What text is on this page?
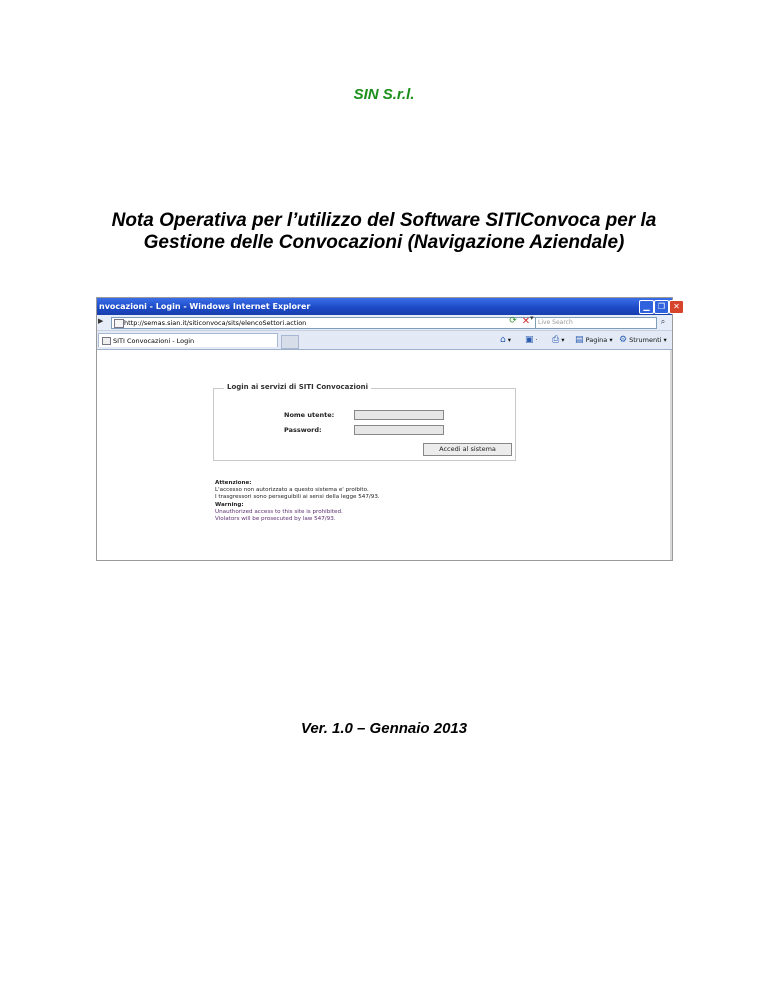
SIN S.r.l.
Nota Operativa per l’utilizzo del Software SITIConvoca per la
Gestione delle Convocazioni (Navigazione Aziendale)
nvocazioni - Login - Windows Internet Explorer	▁	❐	✕
▶	http://semas.sian.it/siticonvoca/sits/elencoSettori.action
▾
⟳ ✕	Live Search	⌕
SITI Convocazioni - Login	⌂ ▾ ▣ · ⎙ ▾ ▤ Pagina ▾ ⚙ Strumenti ▾
Login ai servizi di SITI Convocazioni
Nome utente:
Password:
Accedi al sistema
Attenzione:
L'accesso non autorizzato a questo sistema e' proibito.
I trasgressori sono perseguibili ai sensi della legge 547/93.
Warning:
Unauthorized access to this site is prohibited.
Violators will be prosecuted by law 547/93.
Ver. 1.0 – Gennaio 2013
